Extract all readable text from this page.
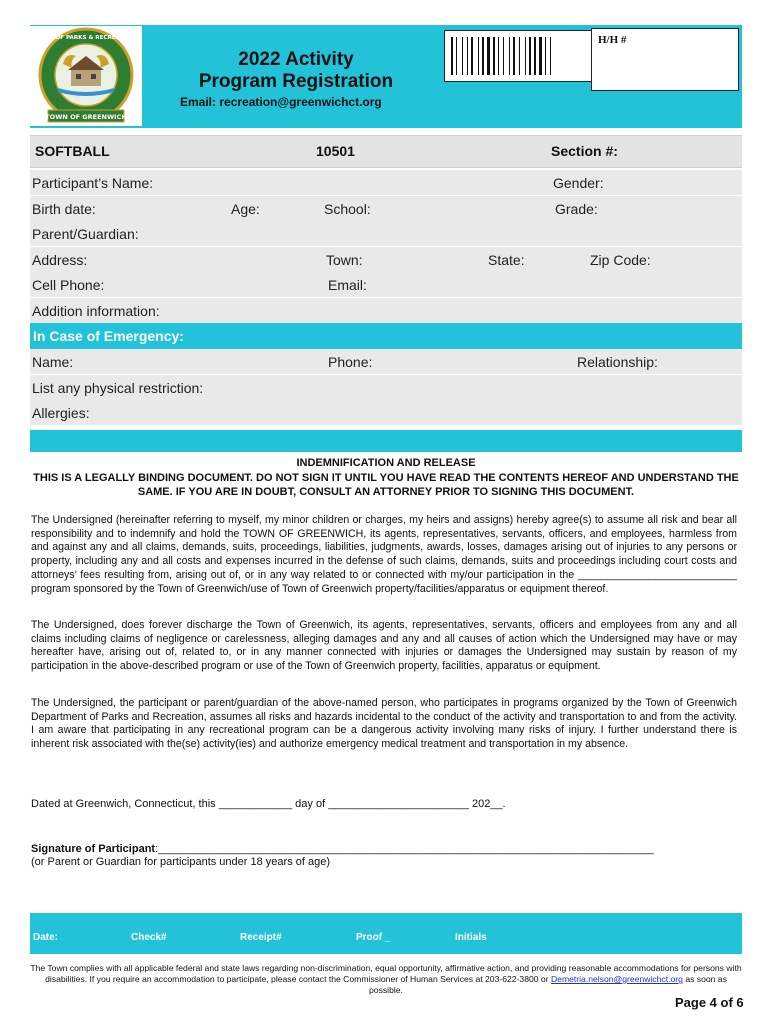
TOWN OF GREENWICH
DEPT OF PARKS & RECREATION
2022 Activity
Program Registration
Email: recreation@greenwichct.org
H/H #
SOFTBALL	10501	Section #:
Participant’s Name:	Gender:
Birth date:	Age:	School:	Grade:
Parent/Guardian:
Address:	Town:	State:	Zip Code:
Cell Phone:	Email:
Addition information:
In Case of Emergency:
Name:	Phone:	Relationship:
List any physical restriction:
Allergies:
INDEMNIFICATION AND RELEASE
THIS IS A LEGALLY BINDING DOCUMENT. DO NOT SIGN IT UNTIL YOU HAVE READ THE CONTENTS HEREOF AND UNDERSTAND THE SAME. IF YOU ARE IN DOUBT, CONSULT AN ATTORNEY PRIOR TO SIGNING THIS DOCUMENT.
The Undersigned (hereinafter referring to myself, my minor children or charges, my heirs and assigns) hereby agree(s) to assume all risk and bear all responsibility and to indemnify and hold the TOWN OF GREENWICH, its agents, representatives, servants, officers, and employees, harmless from and against any and all claims, demands, suits, proceedings, liabilities, judgments, awards, losses, damages arising out of injuries to any persons or property, including any and all costs and expenses incurred in the defense of such claims, demands, suits and proceedings including court costs and attorneys’ fees resulting from, arising out of, or in any way related to or connected with my/our participation in the ___________________________ program sponsored by the Town of Greenwich/use of Town of Greenwich property/facilities/apparatus or equipment thereof.
The Undersigned, does forever discharge the Town of Greenwich, its agents, representatives, servants, officers and employees from any and all claims including claims of negligence or carelessness, alleging damages and any and all causes of action which the Undersigned may have or may hereafter have, arising out of, related to, or in any manner connected with injuries or damages the Undersigned may sustain by reason of my participation in the above-described program or use of the Town of Greenwich property, facilities, apparatus or equipment.
The Undersigned, the participant or parent/guardian of the above-named person, who participates in programs organized by the Town of Greenwich Department of Parks and Recreation, assumes all risks and hazards incidental to the conduct of the activity and transportation to and from the activity. I am aware that participating in any recreational program can be a dangerous activity involving many risks of injury. I further understand there is inherent risk associated with the(se) activity(ies) and authorize emergency medical treatment and transportation in my absence.
Dated at Greenwich, Connecticut, this ____________ day of _______________________ 202__.
Signature of Participant:_________________________________________________________________________________
(or Parent or Guardian for participants under 18 years of age)
Date:	Check#	Receipt#	Proof _	Initials
The Town complies with all applicable federal and state laws regarding non-discrimination, equal opportunity, affirmative action, and providing reasonable accommodations for persons with disabilities. If you require an accommodation to participate, please contact the Commissioner of Human Services at 203-622-3800 or Demetria.nelson@greenwichct.org as soon as possible.
Page 4 of 6
